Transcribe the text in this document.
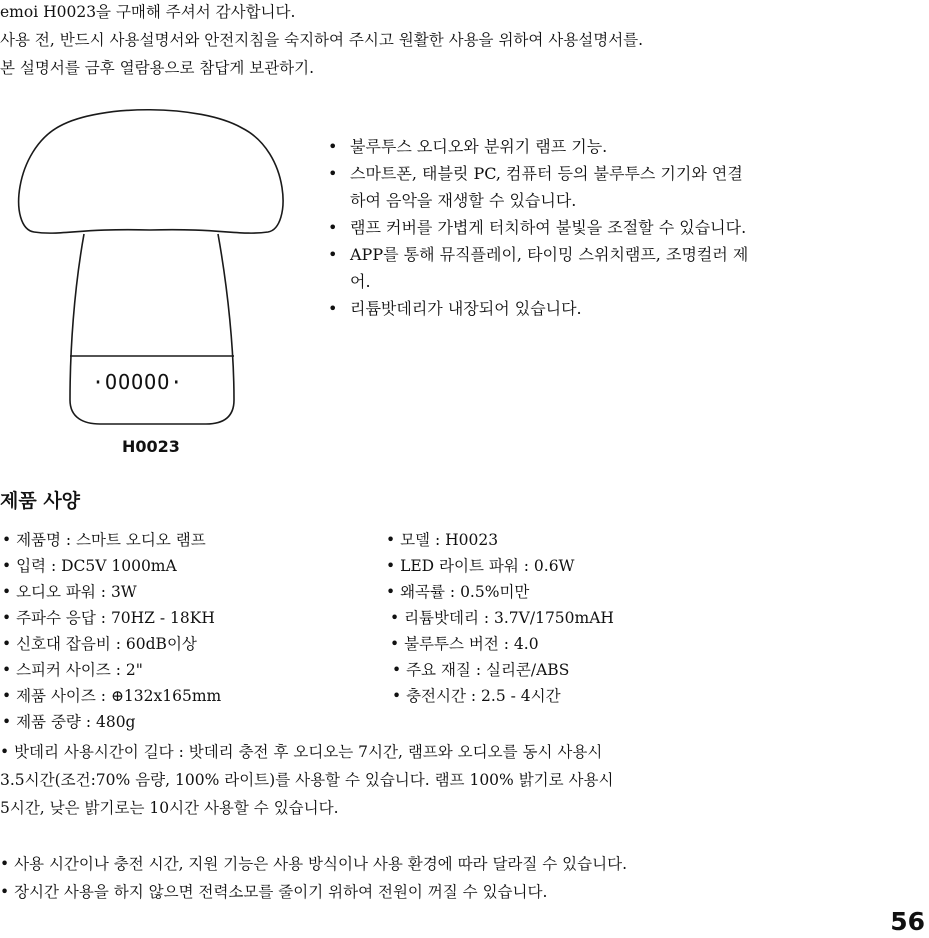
emoi H0023을 구매해 주셔서 감사합니다.
사용 전, 반드시 사용설명서와 안전지침을 숙지하여 주시고 원활한 사용을 위하여 사용설명서를.
본 설명서를 금후 열람용으로 참답게 보관하기.
·OOOOO·
H0023
• 불루투스 오디오와 분위기 램프 기능.
• 스마트폰, 태블릿 PC, 컴퓨터 등의 불루투스 기기와 연결
하여 음악을 재생할 수 있습니다.
• 램프 커버를 가볍게 터치하여 불빛을 조절할 수 있습니다.
• APP를 통해 뮤직플레이, 타이밍 스위치램프, 조명컬러 제
어.
• 리튬밧데리가 내장되어 있습니다.
제품 사양
• 제품명 : 스마트 오디오 램프
• 입력 : DC5V 1000mA
• 오디오 파워 : 3W
• 주파수 응답 : 70HZ - 18KH
• 신호대 잡음비 : 60dB이상
• 스피커 사이즈 : 2"
• 제품 사이즈 : ⊕132x165mm
• 제품 중량 : 480g
• 모델 : H0023
• LED 라이트 파워 : 0.6W
• 왜곡률 : 0.5%미만
• 리튬밧데리 : 3.7V/1750mAH
• 불루투스 버전 : 4.0
• 주요 재질 : 실리콘/ABS
• 충전시간 : 2.5 - 4시간
• 밧데리 사용시간이 길다 : 밧데리 충전 후 오디오는 7시간, 램프와 오디오를 동시 사용시
3.5시간(조건:70% 음량, 100% 라이트)를 사용할 수 있습니다. 램프 100% 밝기로 사용시
5시간, 낮은 밝기로는 10시간 사용할 수 있습니다.
• 사용 시간이나 충전 시간, 지원 기능은 사용 방식이나 사용 환경에 따라 달라질 수 있습니다.
• 장시간 사용을 하지 않으면 전력소모를 줄이기 위하여 전원이 꺼질 수 있습니다.
56
